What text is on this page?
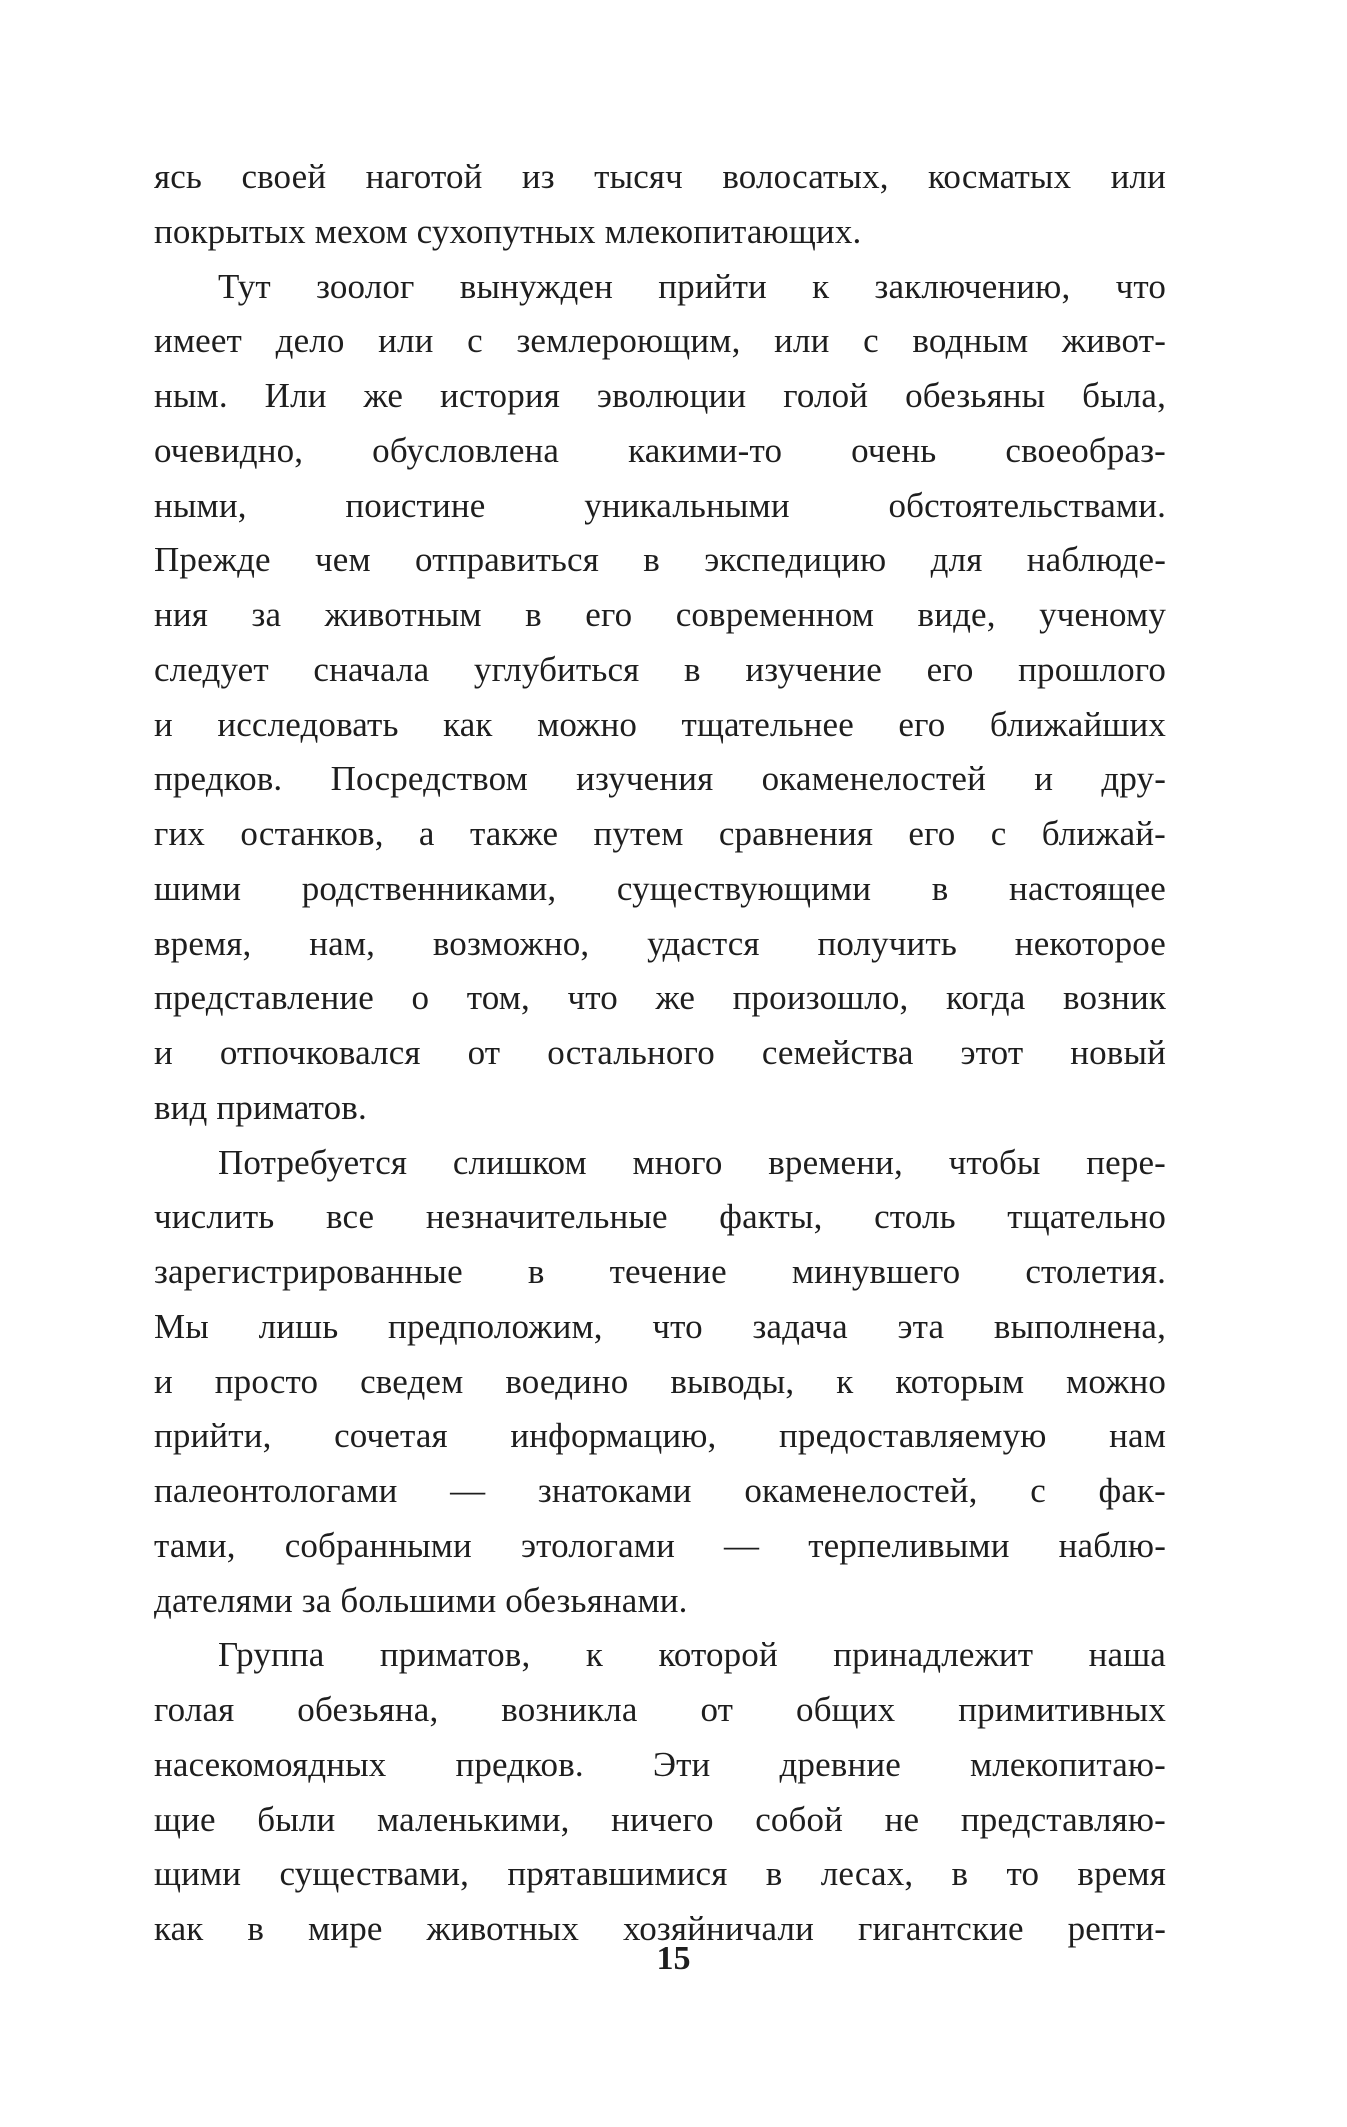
ясь своей наготой из тысяч волосатых, косматых или
покрытых мехом сухопутных млекопитающих.
Тут зоолог вынужден прийти к заключению, что
имеет дело или с землероющим, или с водным живот-
ным. Или же история эволюции голой обезьяны была,
очевидно, обусловлена какими-то очень своеобраз-
ными, поистине уникальными обстоятельствами.
Прежде чем отправиться в экспедицию для наблюде-
ния за животным в его современном виде, ученому
следует сначала углубиться в изучение его прошлого
и исследовать как можно тщательнее его ближайших
предков. Посредством изучения окаменелостей и дру-
гих останков, а также путем сравнения его с ближай-
шими родственниками, существующими в настоящее
время, нам, возможно, удастся получить некоторое
представление о том, что же произошло, когда возник
и отпочковался от остального семейства этот новый
вид приматов.
Потребуется слишком много времени, чтобы пере-
числить все незначительные факты, столь тщательно
зарегистрированные в течение минувшего столетия.
Мы лишь предположим, что задача эта выполнена,
и просто сведем воедино выводы, к которым можно
прийти, сочетая информацию, предоставляемую нам
палеонтологами — знатоками окаменелостей, с фак-
тами, собранными этологами — терпеливыми наблю-
дателями за большими обезьянами.
Группа приматов, к которой принадлежит наша
голая обезьяна, возникла от общих примитивных
насекомоядных предков. Эти древние млекопитаю-
щие были маленькими, ничего собой не представляю-
щими существами, прятавшимися в лесах, в то время
как в мире животных хозяйничали гигантские репти-
15
